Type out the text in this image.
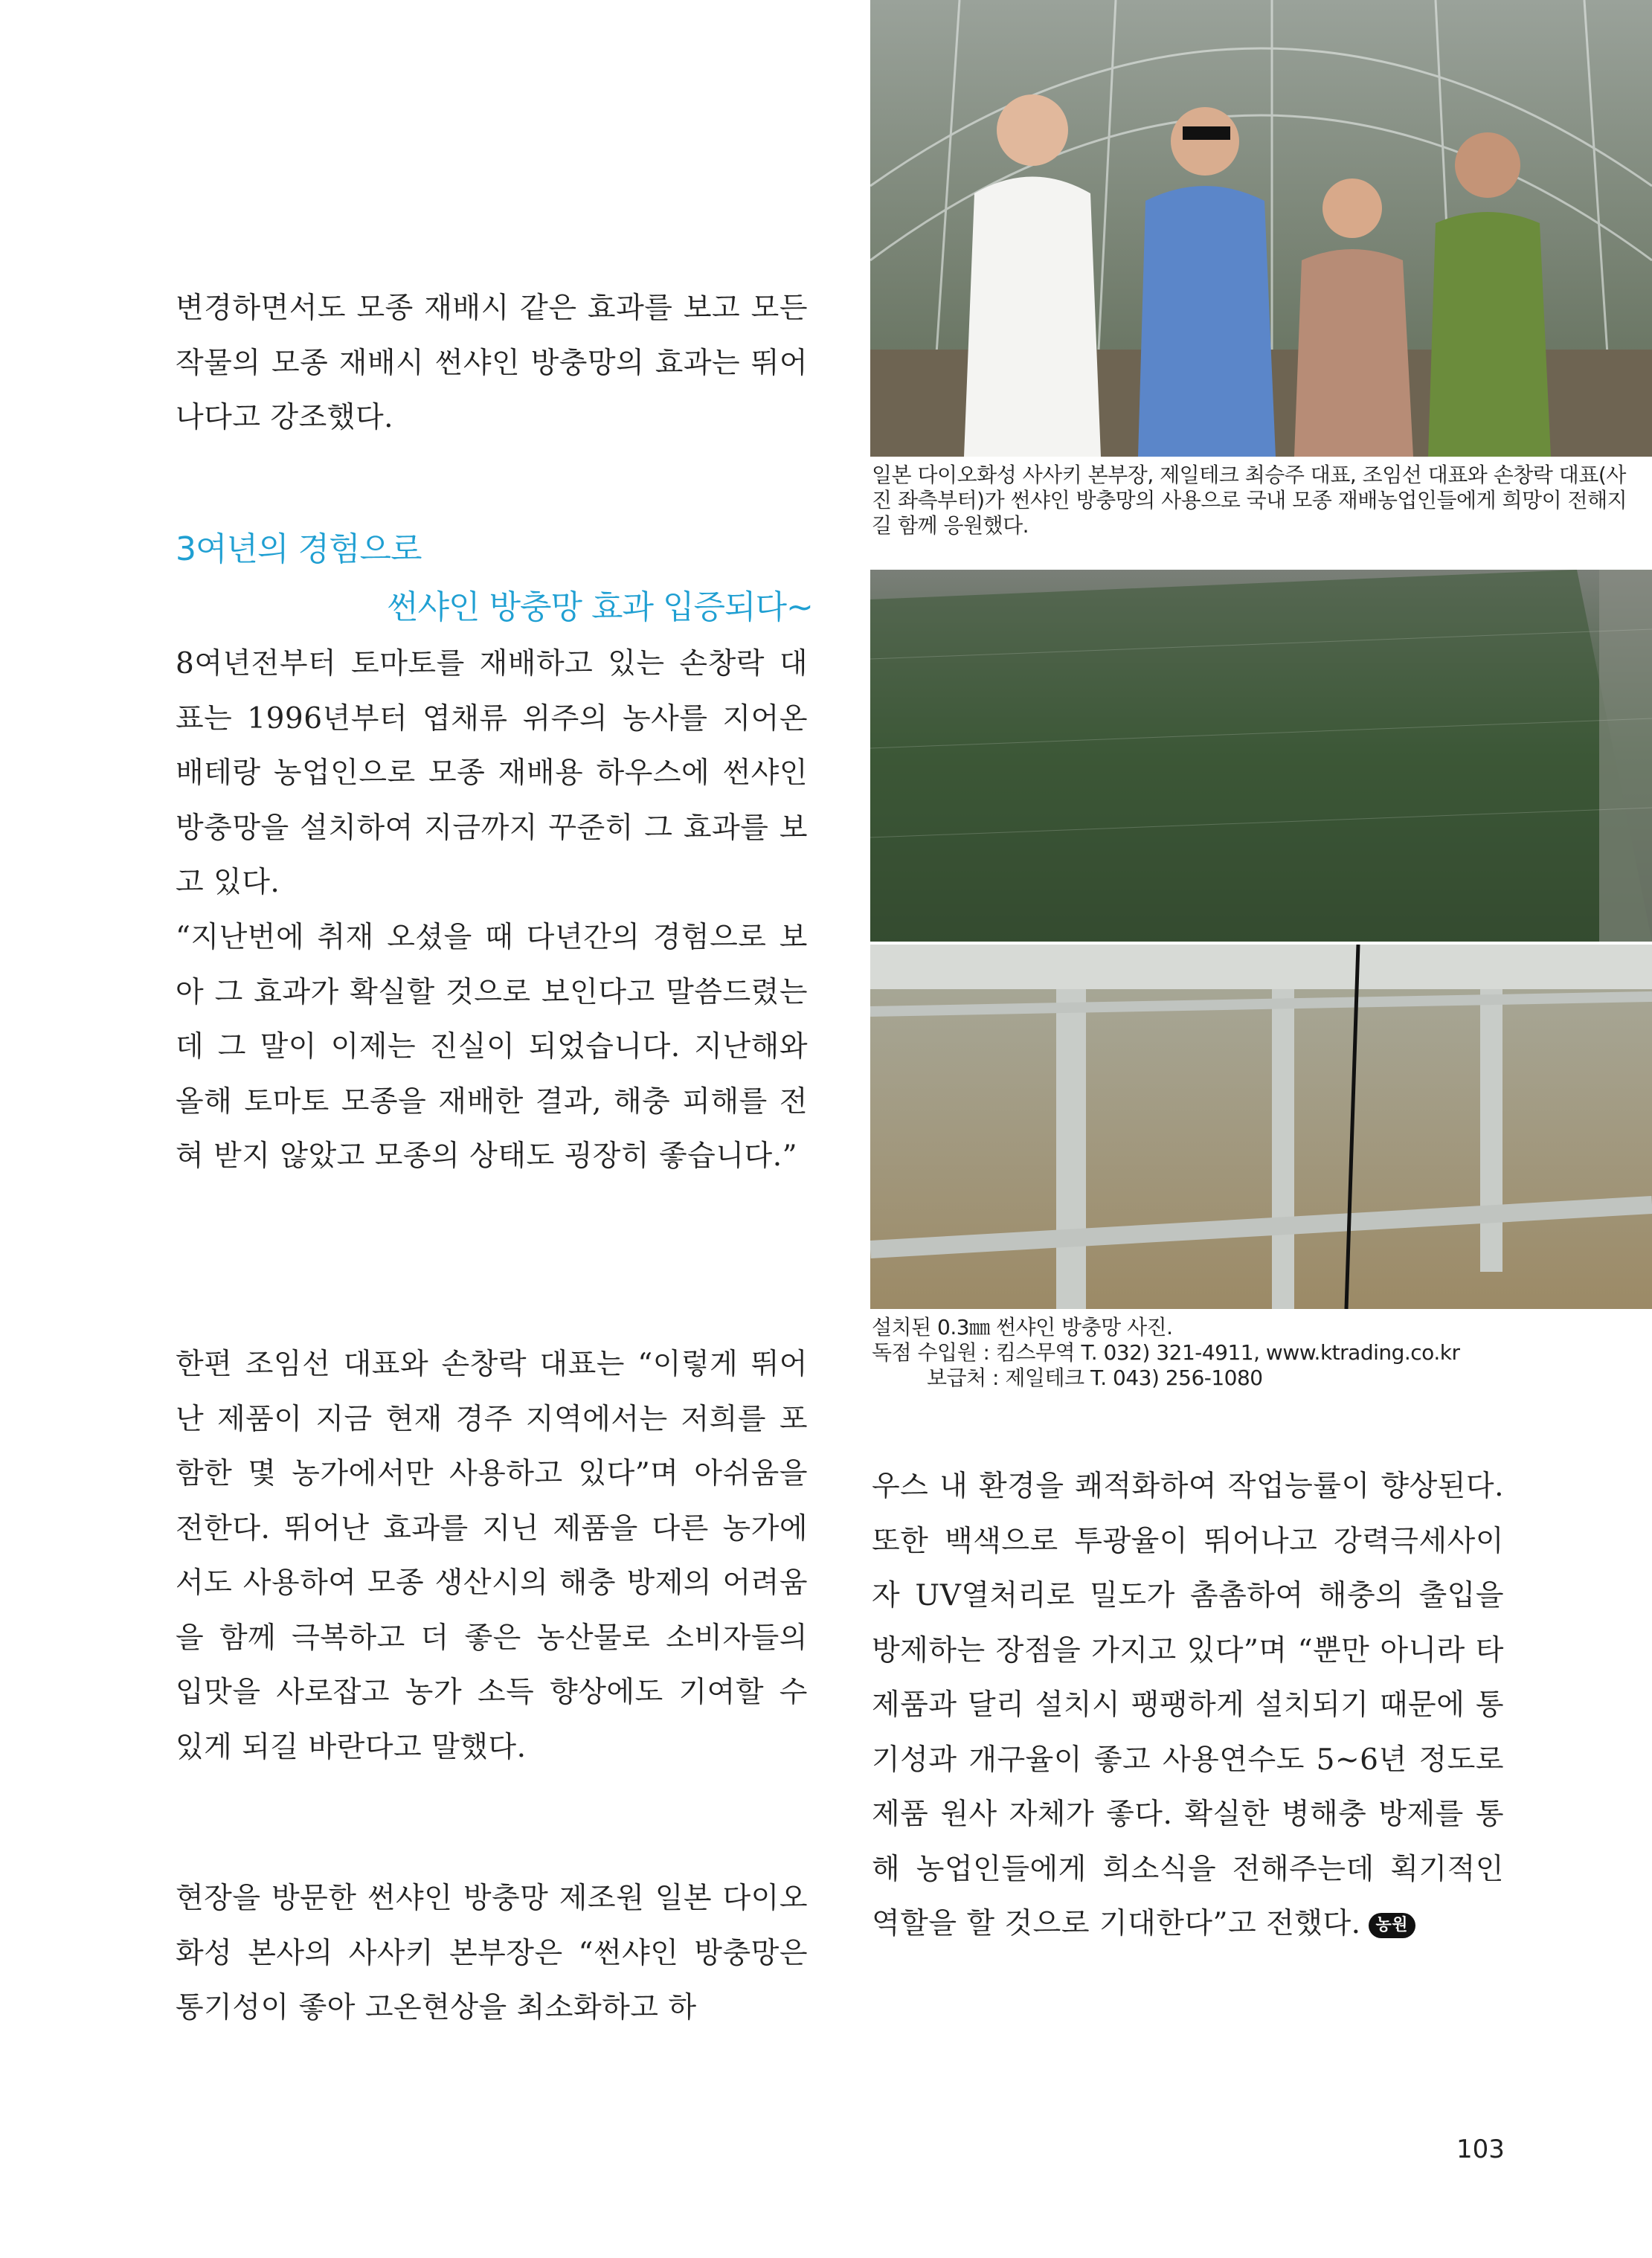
변경하면서도 모종 재배시 같은 효과를 보고 모든 작물의 모종 재배시 썬샤인 방충망의 효과는 뛰어나다고 강조했다.

3여년의 경험으로
썬샤인 방충망 효과 입증되다~

8여년전부터 토마토를 재배하고 있는 손창락 대표는 1996년부터 엽채류 위주의 농사를 지어온 배테랑 농업인으로 모종 재배용 하우스에 썬샤인 방충망을 설치하여 지금까지 꾸준히 그 효과를 보고 있다.

“지난번에 취재 오셨을 때 다년간의 경험으로 보아 그 효과가 확실할 것으로 보인다고 말씀드렸는데 그 말이 이제는 진실이 되었습니다. 지난해와 올해 토마토 모종을 재배한 결과, 해충 피해를 전혀 받지 않았고 모종의 상태도 굉장히 좋습니다.”

한편 조임선 대표와 손창락 대표는 “이렇게 뛰어난 제품이 지금 현재 경주 지역에서는 저희를 포함한 몇 농가에서만 사용하고 있다”며 아쉬움을 전한다. 뛰어난 효과를 지닌 제품을 다른 농가에서도 사용하여 모종 생산시의 해충 방제의 어려움을 함께 극복하고 더 좋은 농산물로 소비자들의 입맛을 사로잡고 농가 소득 향상에도 기여할 수 있게 되길 바란다고 말했다.

현장을 방문한 썬샤인 방충망 제조원 일본 다이오화성 본사의 사사키 본부장은 “썬샤인 방충망은 통기성이 좋아 고온현상을 최소화하고 하

일본 다이오화성 사사키 본부장, 제일테크 최승주 대표, 조임선 대표와 손창락 대표(사진 좌측부터)가 썬샤인 방충망의 사용으로 국내 모종 재배농업인들에게 희망이 전해지길 함께 응원했다.
설치된 0.3㎜ 썬샤인 방충망 사진.
독점 수입원 : 킴스무역 T. 032) 321-4911, www.ktrading.co.kr
보급처 : 제일테크 T. 043) 256-1080

우스 내 환경을 쾌적화하여 작업능률이 향상된다. 또한 백색으로 투광율이 뛰어나고 강력극세사이자 UV열처리로 밀도가 촘촘하여 해충의 출입을 방제하는 장점을 가지고 있다”며 “뿐만 아니라 타제품과 달리 설치시 팽팽하게 설치되기 때문에 통기성과 개구율이 좋고 사용연수도 5~6년 정도로 제품 원사 자체가 좋다. 확실한 병해충 방제를 통해 농업인들에게 희소식을 전해주는데 획기적인 역할을 할 것으로 기대한다”고 전했다. 농원

103
